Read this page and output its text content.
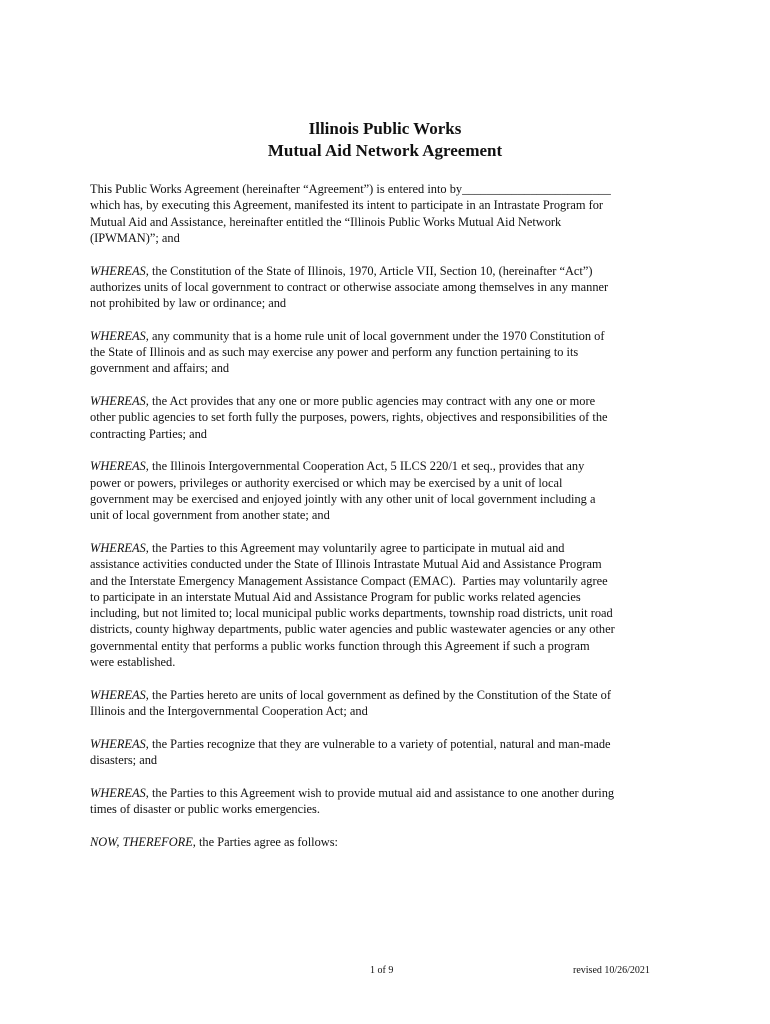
Illinois Public Works
Mutual Aid Network Agreement

This Public Works Agreement (hereinafter “Agreement”) is entered into by________________________
which has, by executing this Agreement, manifested its intent to participate in an Intrastate Program for
Mutual Aid and Assistance, hereinafter entitled the “Illinois Public Works Mutual Aid Network
(IPWMAN)”; and

WHEREAS, the Constitution of the State of Illinois, 1970, Article VII, Section 10, (hereinafter “Act”)
authorizes units of local government to contract or otherwise associate among themselves in any manner
not prohibited by law or ordinance; and

WHEREAS, any community that is a home rule unit of local government under the 1970 Constitution of
the State of Illinois and as such may exercise any power and perform any function pertaining to its
government and affairs; and

WHEREAS, the Act provides that any one or more public agencies may contract with any one or more
other public agencies to set forth fully the purposes, powers, rights, objectives and responsibilities of the
contracting Parties; and

WHEREAS, the Illinois Intergovernmental Cooperation Act, 5 ILCS 220/1 et seq., provides that any
power or powers, privileges or authority exercised or which may be exercised by a unit of local
government may be exercised and enjoyed jointly with any other unit of local government including a
unit of local government from another state; and

WHEREAS, the Parties to this Agreement may voluntarily agree to participate in mutual aid and
assistance activities conducted under the State of Illinois Intrastate Mutual Aid and Assistance Program
and the Interstate Emergency Management Assistance Compact (EMAC).  Parties may voluntarily agree
to participate in an interstate Mutual Aid and Assistance Program for public works related agencies
including, but not limited to; local municipal public works departments, township road districts, unit road
districts, county highway departments, public water agencies and public wastewater agencies or any other
governmental entity that performs a public works function through this Agreement if such a program
were established.

WHEREAS, the Parties hereto are units of local government as defined by the Constitution of the State of
Illinois and the Intergovernmental Cooperation Act; and

WHEREAS, the Parties recognize that they are vulnerable to a variety of potential, natural and man-made
disasters; and

WHEREAS, the Parties to this Agreement wish to provide mutual aid and assistance to one another during
times of disaster or public works emergencies.

NOW, THEREFORE, the Parties agree as follows:

1 of 9	revised 10/26/2021
